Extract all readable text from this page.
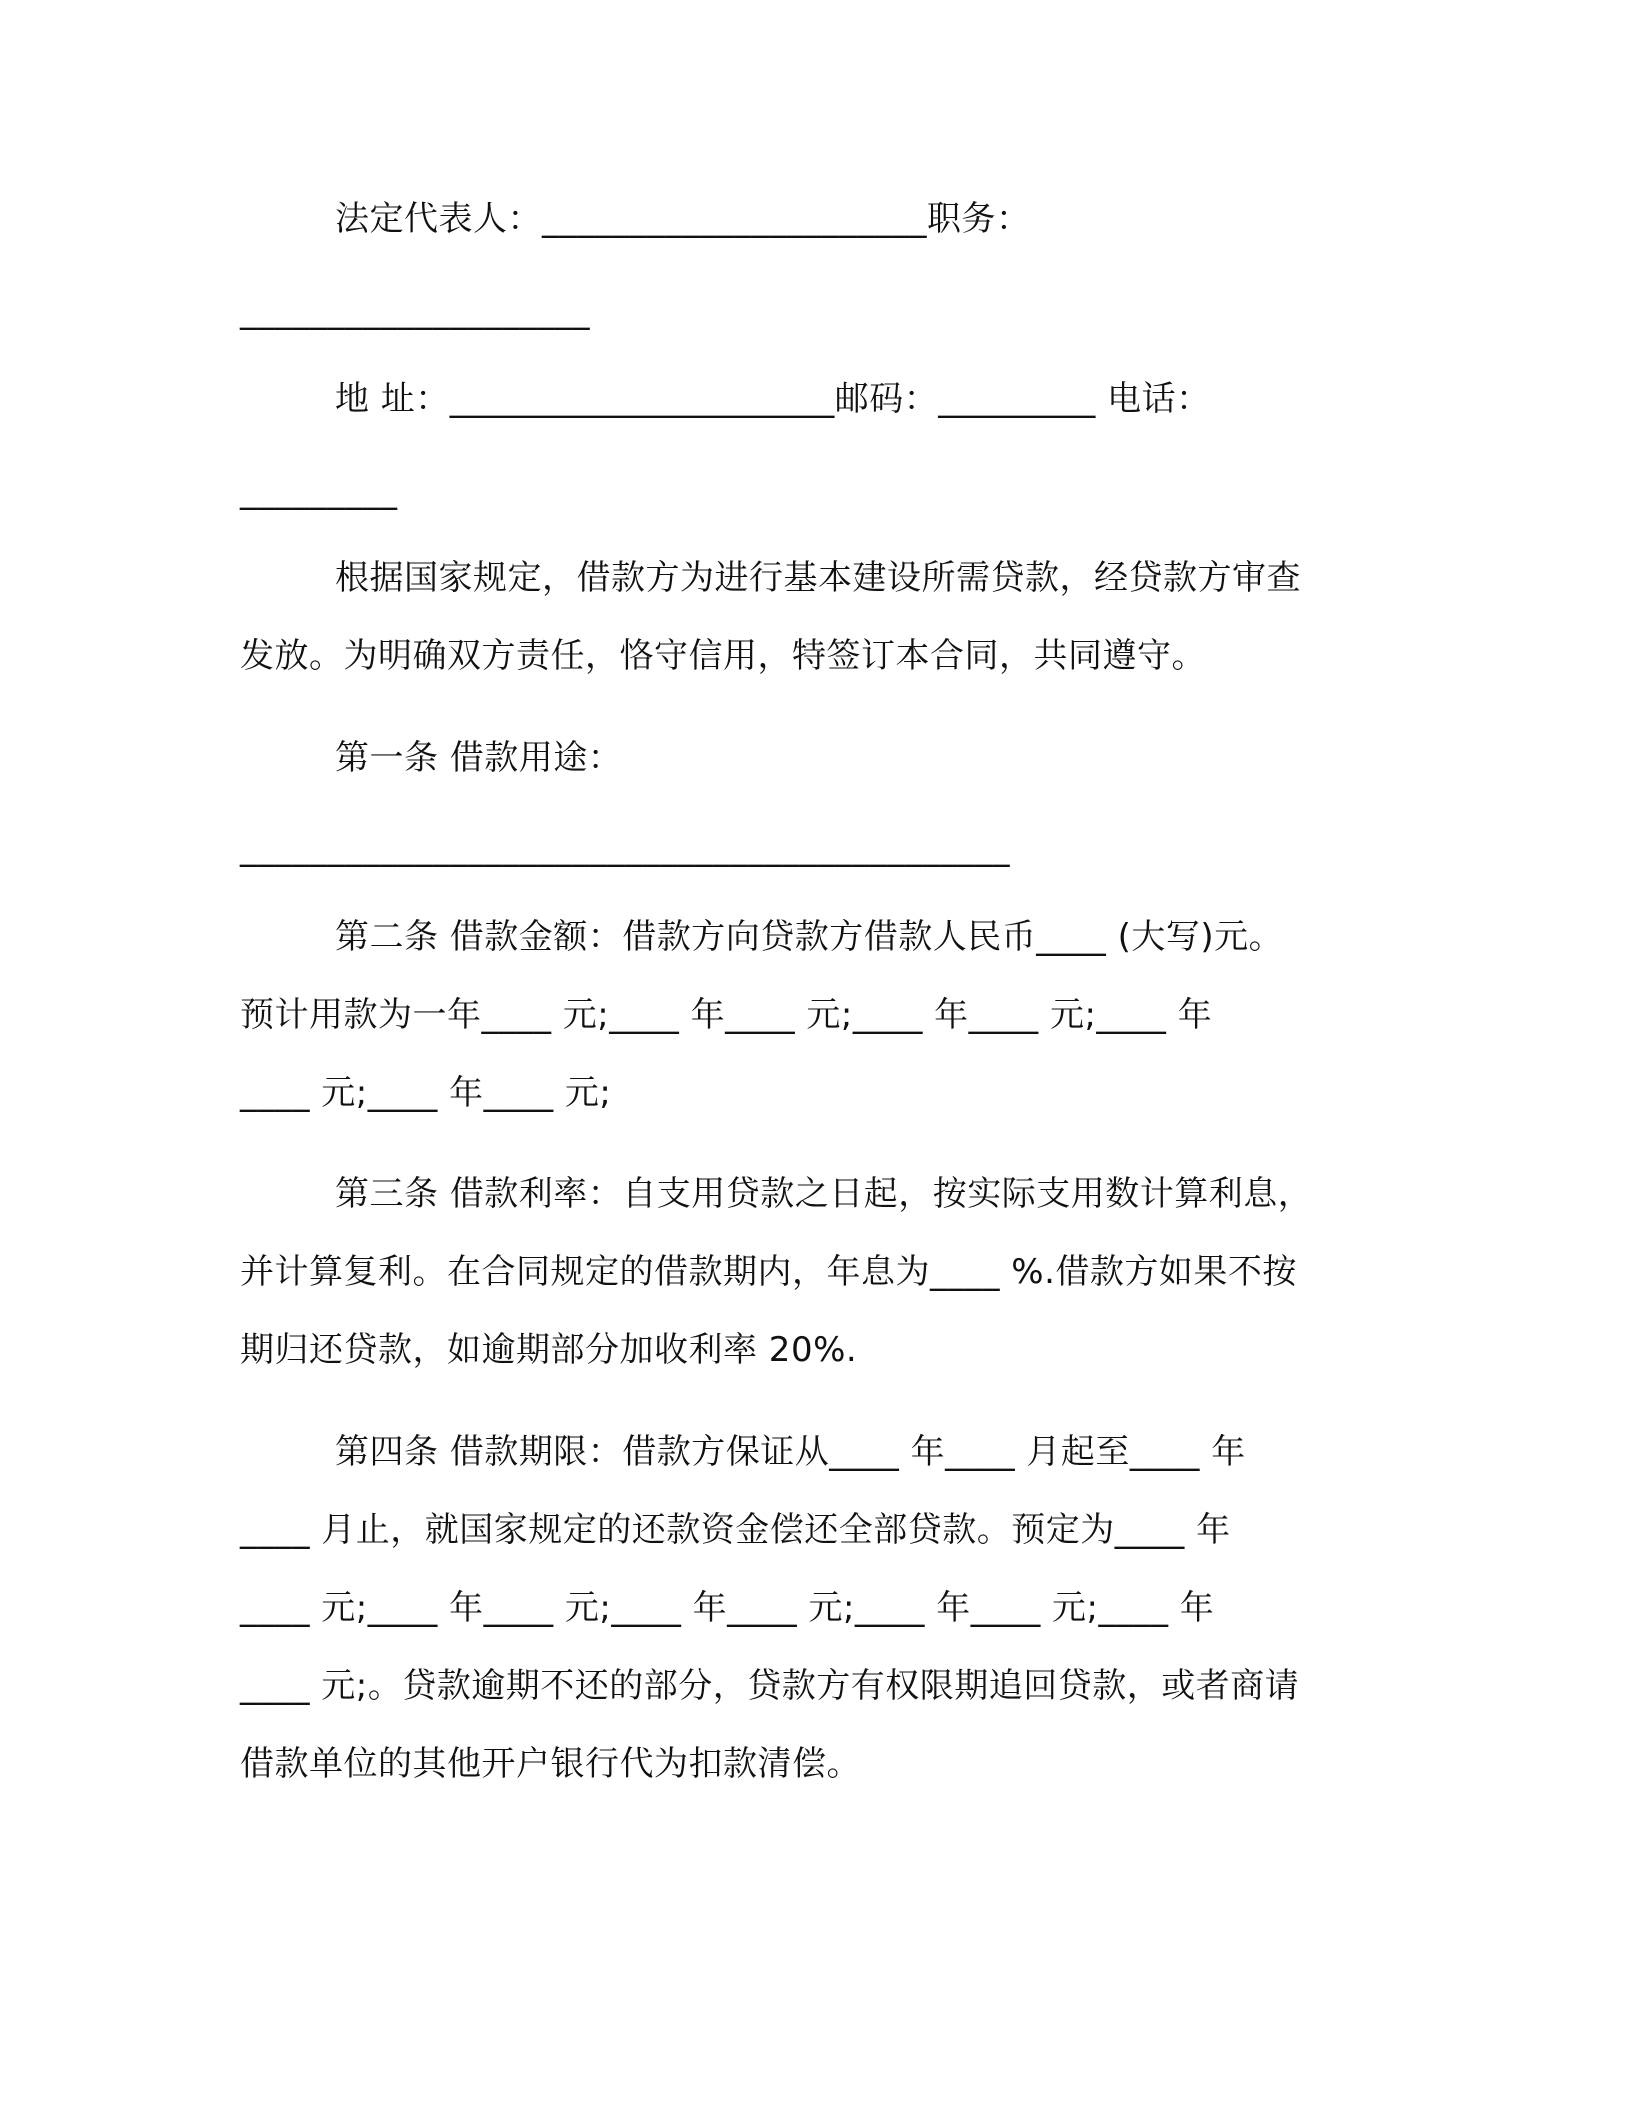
法定代表人：______________________职务：
____________________
地 址：______________________邮码：_________ 电话：
_________
根据国家规定，借款方为进行基本建设所需贷款，经贷款方审查
发放。为明确双方责任，恪守信用，特签订本合同，共同遵守。
第一条 借款用途：
____________________________________________
第二条 借款金额：借款方向贷款方借款人民币____ (大写)元。
预计用款为一年____ 元;____ 年____ 元;____ 年____ 元;____ 年
____ 元;____ 年____ 元;
第三条 借款利率：自支用贷款之日起，按实际支用数计算利息，
并计算复利。在合同规定的借款期内，年息为____ %.借款方如果不按
期归还贷款，如逾期部分加收利率 20%.
第四条 借款期限：借款方保证从____ 年____ 月起至____ 年
____ 月止，就国家规定的还款资金偿还全部贷款。预定为____ 年
____ 元;____ 年____ 元;____ 年____ 元;____ 年____ 元;____ 年
____ 元;。贷款逾期不还的部分，贷款方有权限期追回贷款，或者商请
借款单位的其他开户银行代为扣款清偿。
